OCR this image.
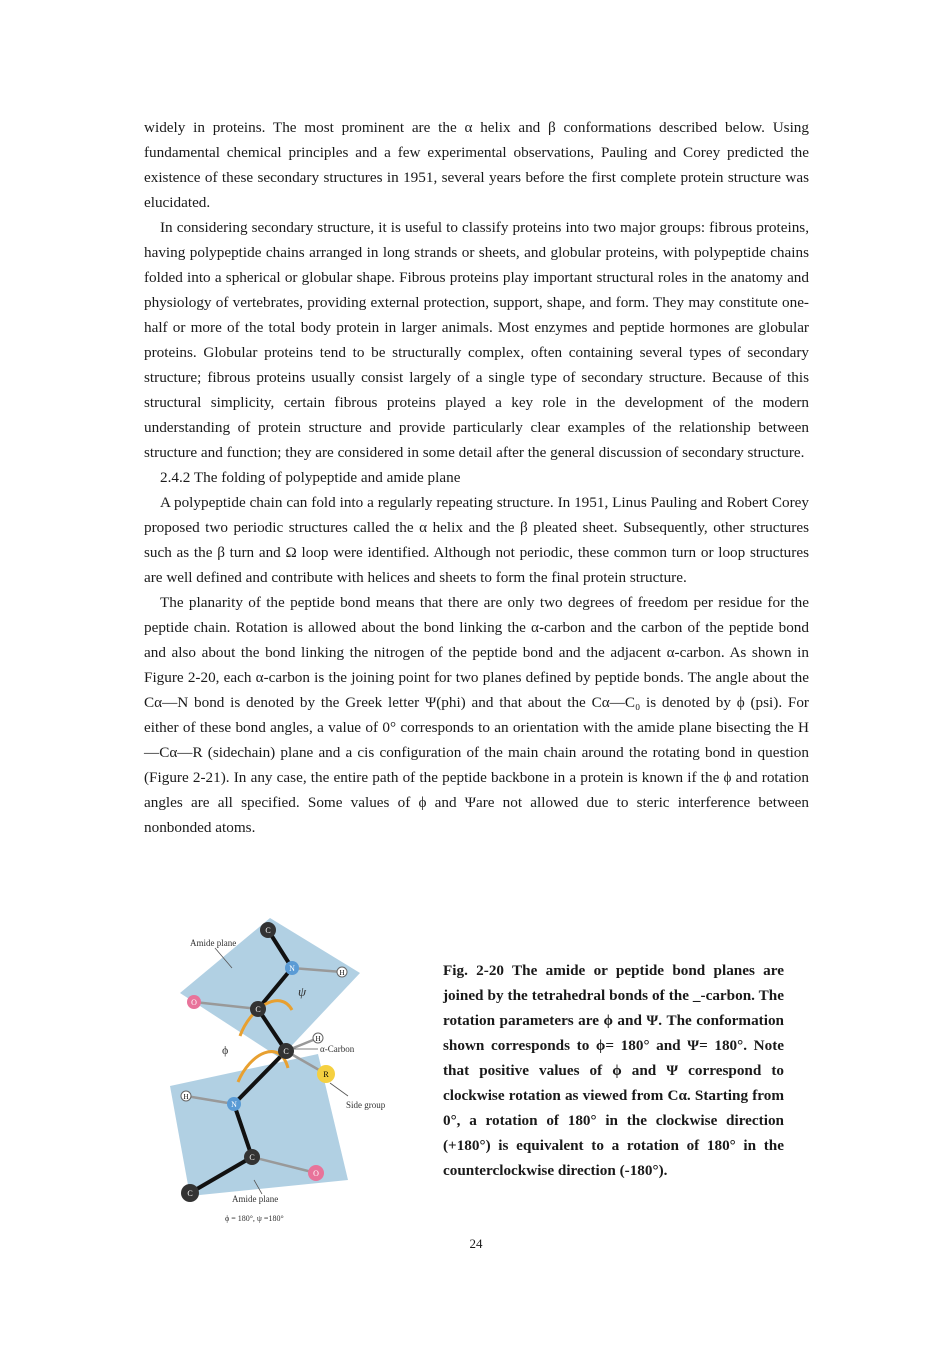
widely in proteins. The most prominent are the α helix and β conformations described below. Using fundamental chemical principles and a few experimental observations, Pauling and Corey predicted the existence of these secondary structures in 1951, several years before the first complete protein structure was elucidated.

In considering secondary structure, it is useful to classify proteins into two major groups: fibrous proteins, having polypeptide chains arranged in long strands or sheets, and globular proteins, with polypeptide chains folded into a spherical or globular shape. Fibrous proteins play important structural roles in the anatomy and physiology of vertebrates, providing external protection, support, shape, and form. They may constitute one-half or more of the total body protein in larger animals. Most enzymes and peptide hormones are globular proteins. Globular proteins tend to be structurally complex, often containing several types of secondary structure; fibrous proteins usually consist largely of a single type of secondary structure. Because of this structural simplicity, certain fibrous proteins played a key role in the development of the modern understanding of protein structure and provide particularly clear examples of the relationship between structure and function; they are considered in some detail after the general discussion of secondary structure.

2.4.2 The folding of polypeptide and amide plane

A polypeptide chain can fold into a regularly repeating structure. In 1951, Linus Pauling and Robert Corey proposed two periodic structures called the α helix and the β pleated sheet. Subsequently, other structures such as the β turn and Ω loop were identified. Although not periodic, these common turn or loop structures are well defined and contribute with helices and sheets to form the final protein structure.

The planarity of the peptide bond means that there are only two degrees of freedom per residue for the peptide chain. Rotation is allowed about the bond linking the α-carbon and the carbon of the peptide bond and also about the bond linking the nitrogen of the peptide bond and the adjacent α-carbon. As shown in Figure 2-20, each α-carbon is the joining point for two planes defined by peptide bonds. The angle about the Cα—N bond is denoted by the Greek letter Ψ(phi) and that about the Cα—C₀ is denoted by ϕ (psi). For either of these bond angles, a value of 0° corresponds to an orientation with the amide plane bisecting the H—Cα—R (sidechain) plane and a cis configuration of the main chain around the rotating bond in question (Figure 2-21). In any case, the entire path of the peptide backbone in a protein is known if the ϕ and rotation angles are all specified. Some values of ϕ and Ψare not allowed due to steric interference between nonbonded atoms.

C
N	H
O
C
H
C
R
H
N
C
O
C
Amide plane
ψ
ϕ	α-Carbon
Side group
Amide plane
ϕ = 180°, ψ =180°
Fig. 2-20 The amide or peptide bond planes are joined by the tetrahedral bonds of the _-carbon. The rotation parameters are ϕ and Ψ. The conformation shown corresponds to ϕ= 180° and Ψ= 180°. Note that positive values of ϕ and Ψ correspond to clockwise rotation as viewed from Cα. Starting from 0°, a rotation of 180° in the clockwise direction (+180°) is equivalent to a rotation of 180° in the counterclockwise direction (-180°).
24
